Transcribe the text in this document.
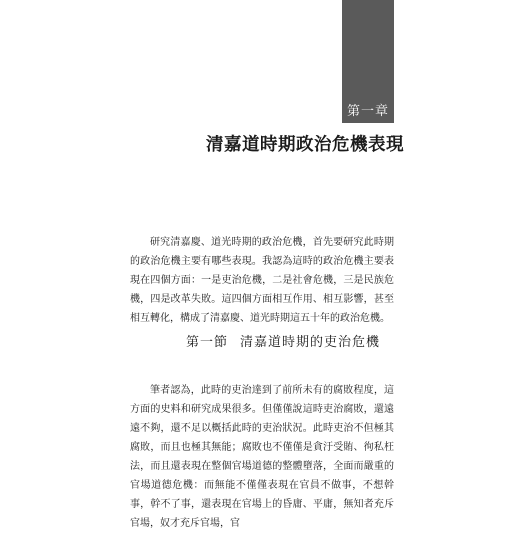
第一章
清嘉道時期政治危機表現

研究清嘉慶、道光時期的政治危機，首先要研究此時期的政治危機主要有哪些表現。我認為這時的政治危機主要表現在四個方面：一是吏治危機，二是社會危機，三是民族危機，四是改革失敗。這四個方面相互作用、相互影響，甚至相互轉化，構成了清嘉慶、道光時期這五十年的政治危機。

第一節 清嘉道時期的吏治危機

筆者認為，此時的吏治達到了前所未有的腐敗程度，這方面的史料和研究成果很多。但僅僅說這時吏治腐敗，還遠遠不夠，還不足以概括此時的吏治狀況。此時吏治不但極其腐敗，而且也極其無能；腐敗也不僅僅是貪汙受賄、徇私枉法，而且還表現在整個官場道德的整體墮落，全面而嚴重的官場道德危機：而無能不僅僅表現在官員不做事，不想幹事，幹不了事，還表現在官場上的昏庸、平庸，無知者充斥官場，奴才充斥官場，官
